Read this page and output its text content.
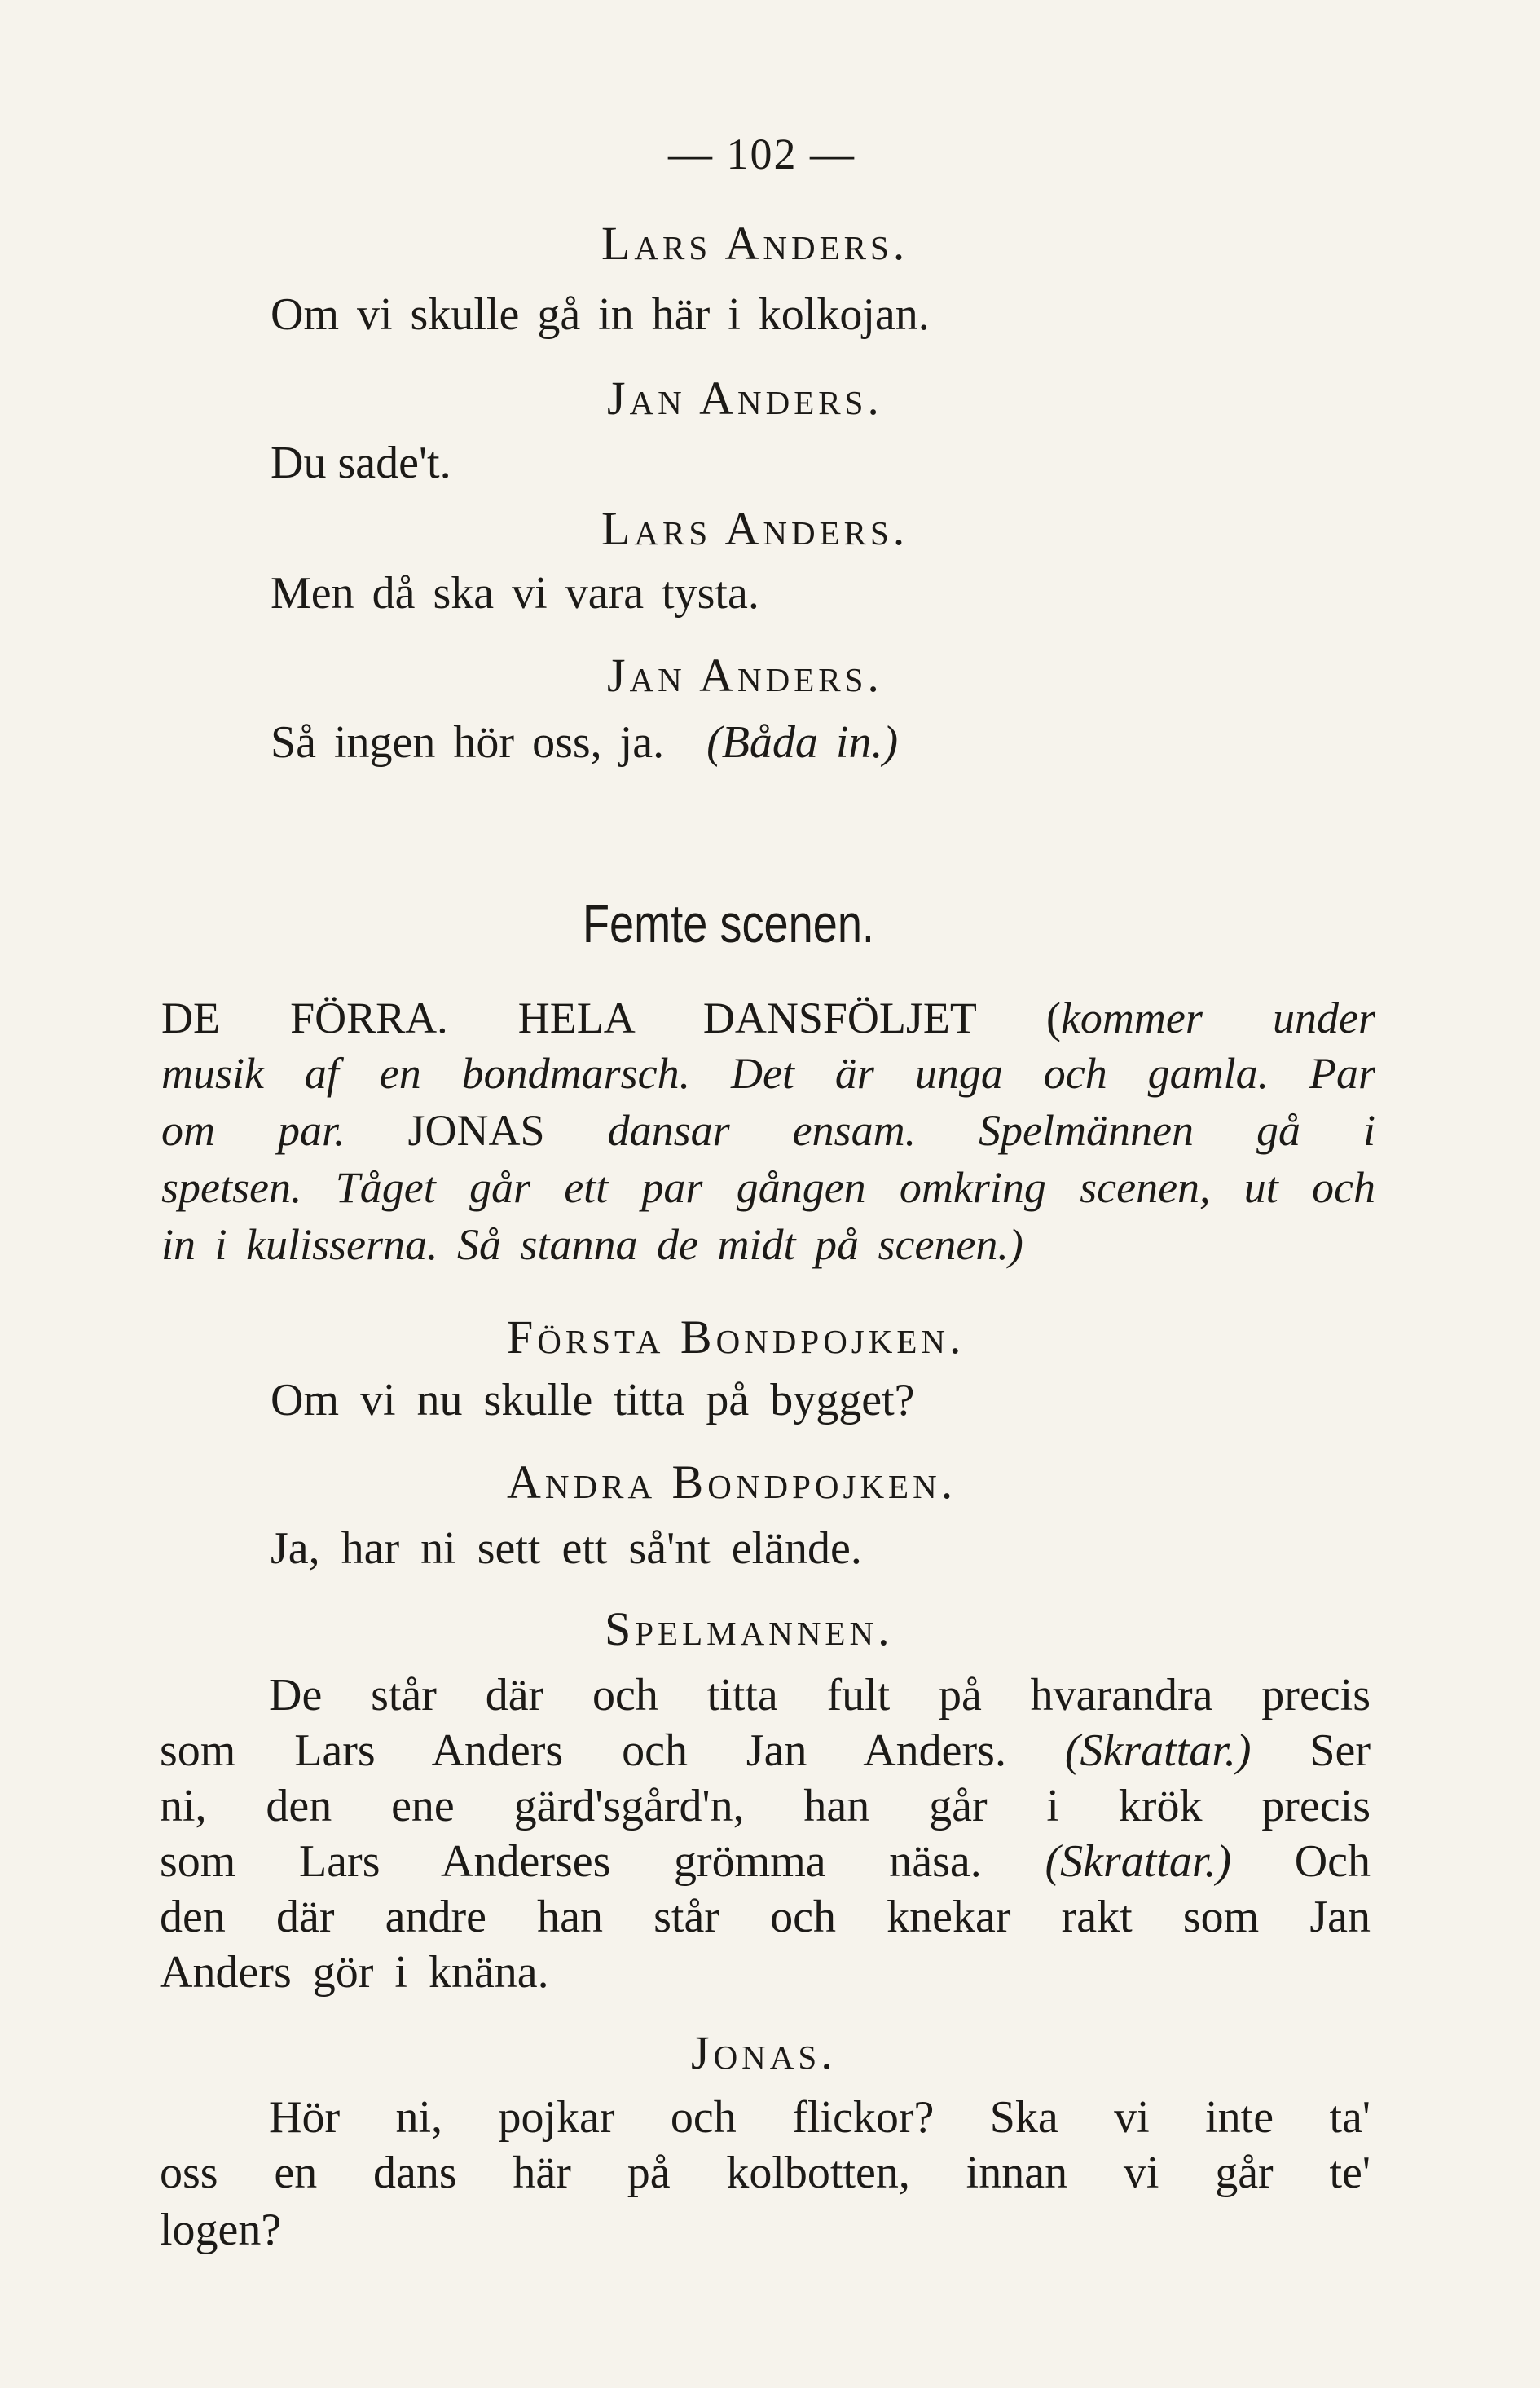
— 102 —
Lars Anders.
Om vi skulle gå in här i kolkojan.
Jan Anders.
Du sade't.
Lars Anders.
Men då ska vi vara tysta.
Jan Anders.
Så ingen hör oss, ja. (Båda in.)
Femte scenen.
DE FÖRRA. HELA DANSFÖLJET (kommer under
musik af en bondmarsch. Det är unga och gamla. Par
om par. JONAS dansar ensam. Spelmännen gå i
spetsen. Tåget går ett par gången omkring scenen, ut och
in i kulisserna. Så stanna de midt på scenen.)
Första Bondpojken.
Om vi nu skulle titta på bygget?
Andra Bondpojken.
Ja, har ni sett ett så'nt elände.
Spelmannen.
De står där och titta fult på hvarandra precis
som Lars Anders och Jan Anders. (Skrattar.) Ser
ni, den ene gärd'sgård'n, han går i krök precis
som Lars Anderses grömma näsa. (Skrattar.) Och
den där andre han står och knekar rakt som Jan
Anders gör i knäna.
Jonas.
Hör ni, pojkar och flickor? Ska vi inte ta'
oss en dans här på kolbotten, innan vi går te'
logen?
